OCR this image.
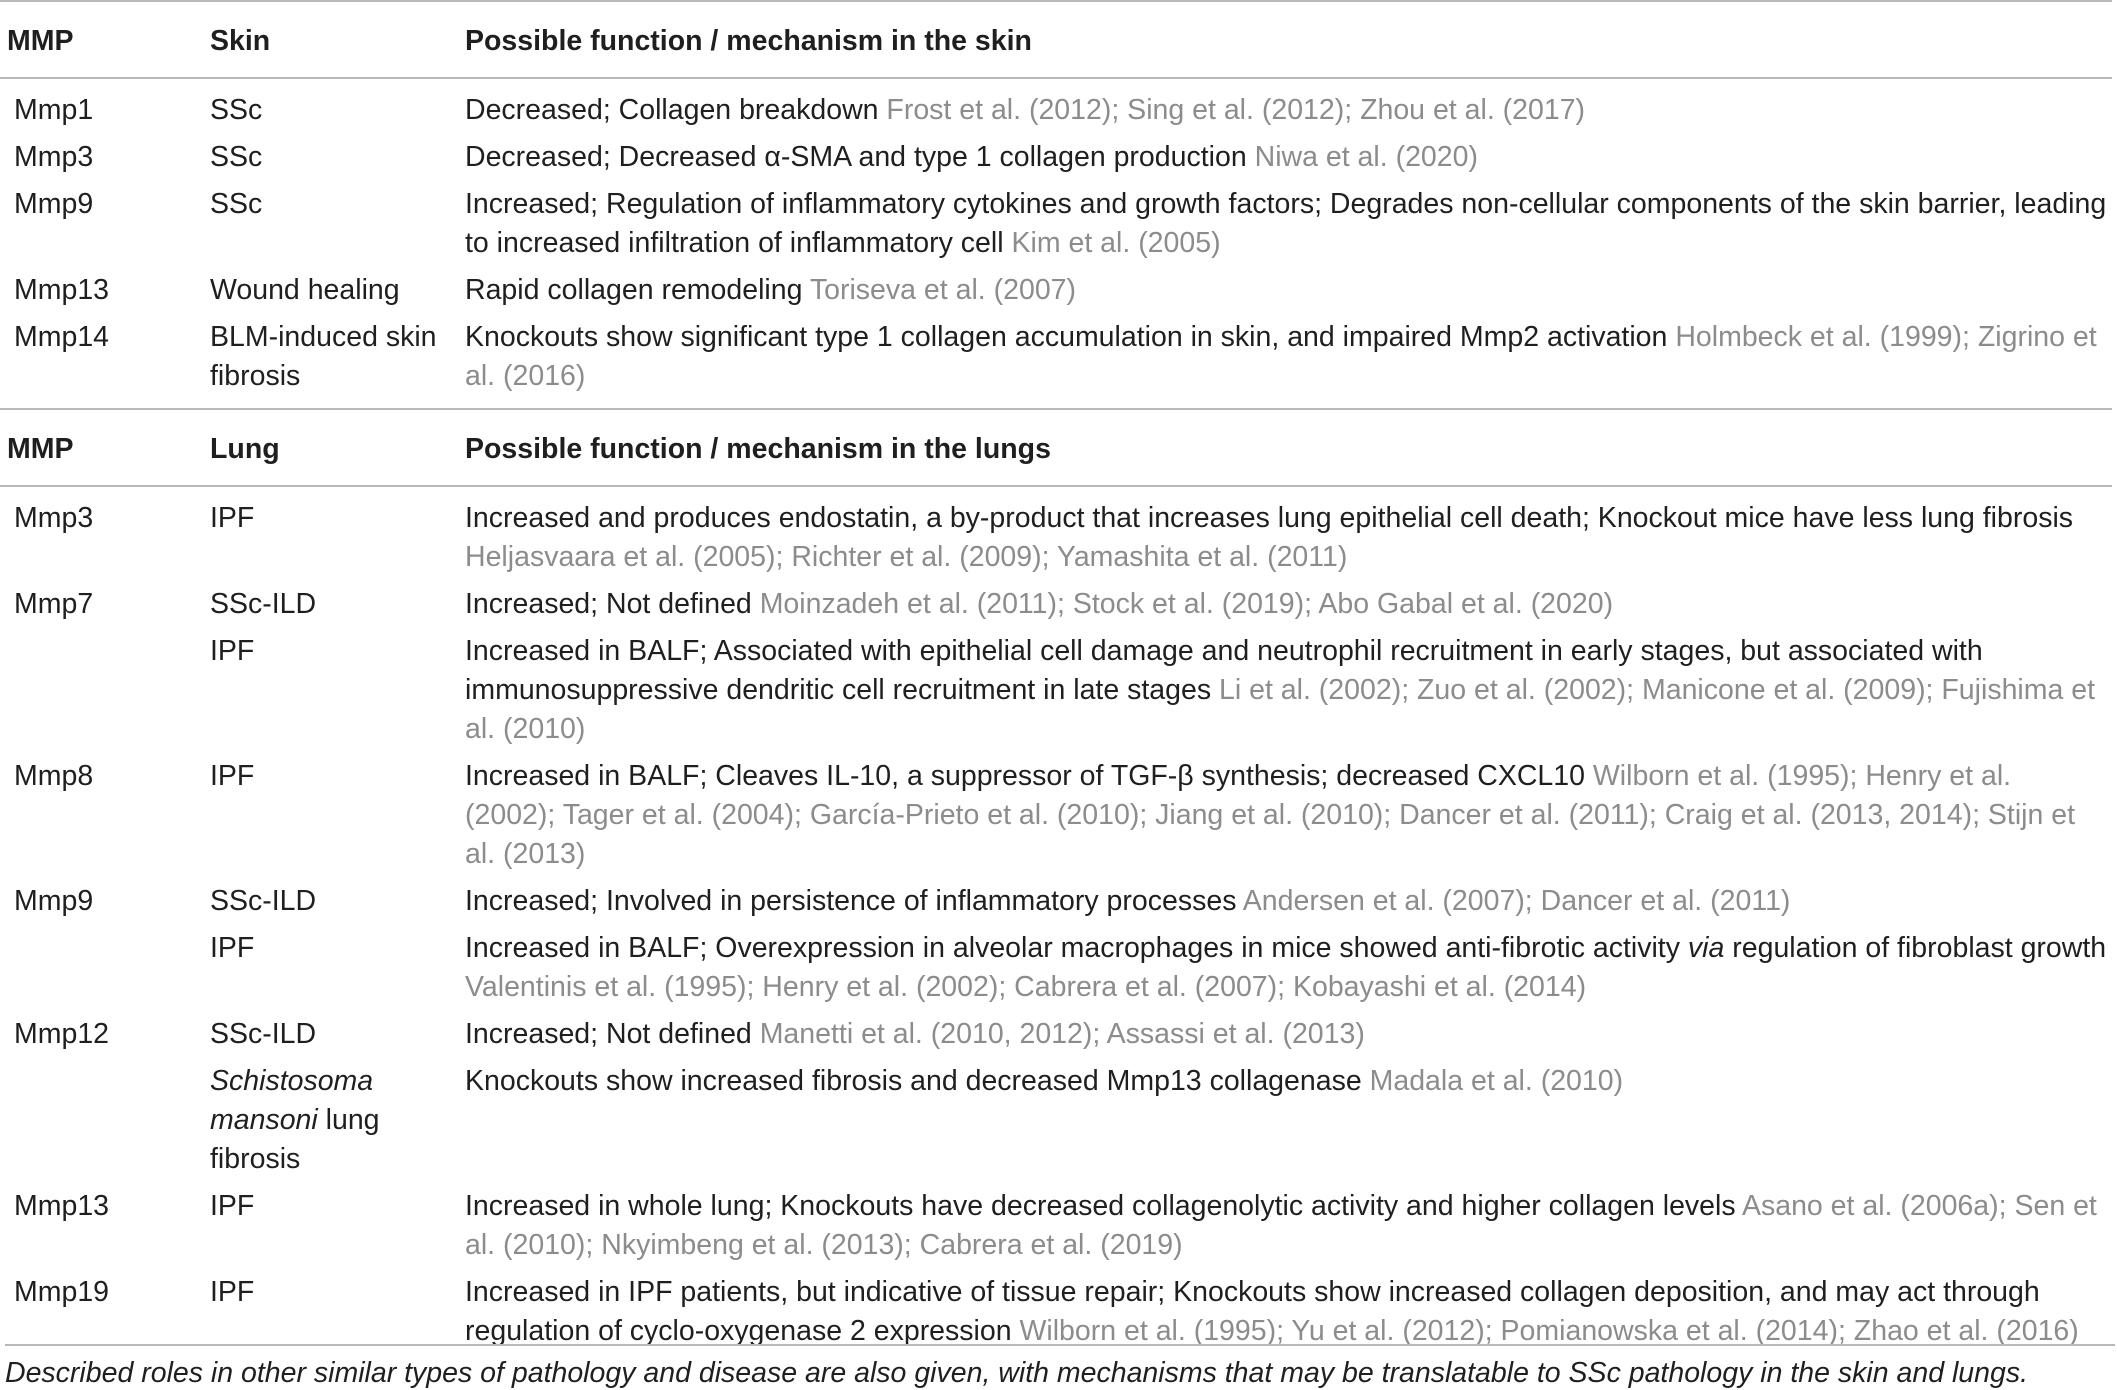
MMP	Skin	Possible function / mechanism in the skin
Mmp1	SSc	Decreased; Collagen breakdown Frost et al. (2012); Sing et al. (2012); Zhou et al. (2017)
Mmp3	SSc	Decreased; Decreased α-SMA and type 1 collagen production Niwa et al. (2020)
Mmp9	SSc	Increased; Regulation of inflammatory cytokines and growth factors; Degrades non-cellular components of the skin barrier, leading to increased infiltration of inflammatory cell Kim et al. (2005)
Mmp13	Wound healing	Rapid collagen remodeling Toriseva et al. (2007)
Mmp14	BLM-induced skin fibrosis	Knockouts show significant type 1 collagen accumulation in skin, and impaired Mmp2 activation Holmbeck et al. (1999); Zigrino et al. (2016)
MMP	Lung	Possible function / mechanism in the lungs
Mmp3	IPF	Increased and produces endostatin, a by-product that increases lung epithelial cell death; Knockout mice have less lung fibrosis Heljasvaara et al. (2005); Richter et al. (2009); Yamashita et al. (2011)
Mmp7	SSc-ILD	Increased; Not defined Moinzadeh et al. (2011); Stock et al. (2019); Abo Gabal et al. (2020)
	IPF	Increased in BALF; Associated with epithelial cell damage and neutrophil recruitment in early stages, but associated with immunosuppressive dendritic cell recruitment in late stages Li et al. (2002); Zuo et al. (2002); Manicone et al. (2009); Fujishima et al. (2010)
Mmp8	IPF	Increased in BALF; Cleaves IL-10, a suppressor of TGF-β synthesis; decreased CXCL10 Wilborn et al. (1995); Henry et al. (2002); Tager et al. (2004); García-Prieto et al. (2010); Jiang et al. (2010); Dancer et al. (2011); Craig et al. (2013, 2014); Stijn et al. (2013)
Mmp9	SSc-ILD	Increased; Involved in persistence of inflammatory processes Andersen et al. (2007); Dancer et al. (2011)
	IPF	Increased in BALF; Overexpression in alveolar macrophages in mice showed anti-fibrotic activity via regulation of fibroblast growth Valentinis et al. (1995); Henry et al. (2002); Cabrera et al. (2007); Kobayashi et al. (2014)
Mmp12	SSc-ILD	Increased; Not defined Manetti et al. (2010, 2012); Assassi et al. (2013)
	Schistosoma mansoni lung fibrosis	Knockouts show increased fibrosis and decreased Mmp13 collagenase Madala et al. (2010)
Mmp13	IPF	Increased in whole lung; Knockouts have decreased collagenolytic activity and higher collagen levels Asano et al. (2006a); Sen et al. (2010); Nkyimbeng et al. (2013); Cabrera et al. (2019)
Mmp19	IPF	Increased in IPF patients, but indicative of tissue repair; Knockouts show increased collagen deposition, and may act through regulation of cyclo-oxygenase 2 expression Wilborn et al. (1995); Yu et al. (2012); Pomianowska et al. (2014); Zhao et al. (2016)
Described roles in other similar types of pathology and disease are also given, with mechanisms that may be translatable to SSc pathology in the skin and lungs.
